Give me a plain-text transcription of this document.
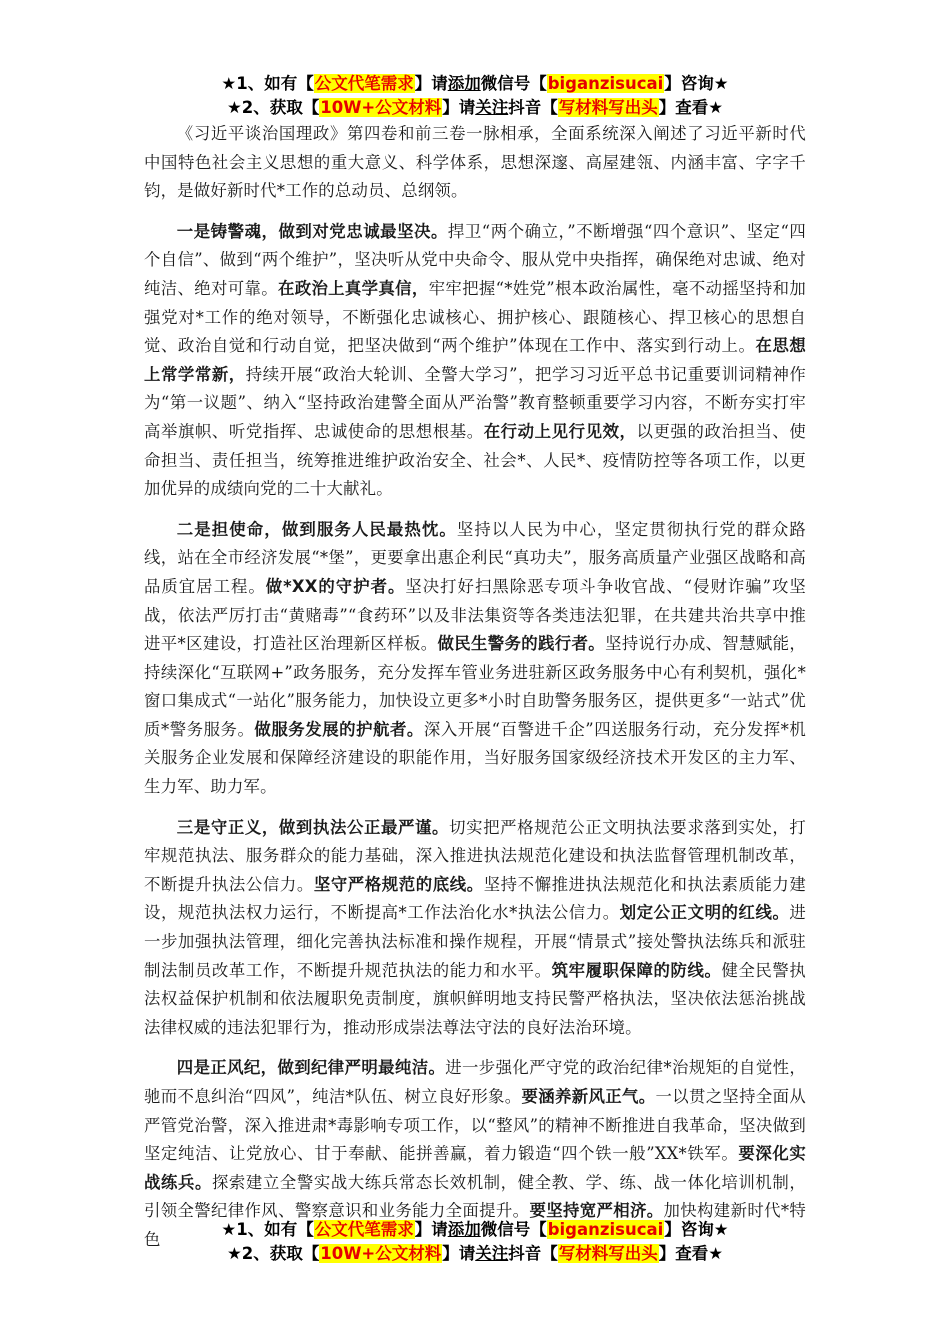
★1、如有【公文代笔需求】请添加微信号【biganzisucai】咨询★
★2、获取【10W+公文材料】请关注抖音【写材料写出头】查看★

《习近平谈治国理政》第四卷和前三卷一脉相承，全面系统深入阐述了习近平新时代中国特色社会主义思想的重大意义、科学体系，思想深邃、高屋建瓴、内涵丰富、字字千钧，是做好新时代*工作的总动员、总纲领。

一是铸警魂，做到对党忠诚最坚决。捍卫“两个确立，”不断增强“四个意识”、坚定“四个自信”、做到“两个维护”，坚决听从党中央命令、服从党中央指挥，确保绝对忠诚、绝对纯洁、绝对可靠。在政治上真学真信，牢牢把握“*姓党”根本政治属性，毫不动摇坚持和加强党对*工作的绝对领导，不断强化忠诚核心、拥护核心、跟随核心、捍卫核心的思想自觉、政治自觉和行动自觉，把坚决做到“两个维护”体现在工作中、落实到行动上。在思想上常学常新，持续开展“政治大轮训、全警大学习”，把学习习近平总书记重要训词精神作为“第一议题”、纳入“坚持政治建警全面从严治警”教育整顿重要学习内容，不断夯实打牢高举旗帜、听党指挥、忠诚使命的思想根基。在行动上见行见效，以更强的政治担当、使命担当、责任担当，统筹推进维护政治安全、社会*、人民*、疫情防控等各项工作，以更加优异的成绩向党的二十大献礼。

二是担使命，做到服务人民最热忱。坚持以人民为中心，坚定贯彻执行党的群众路线，站在全市经济发展“*堡”，更要拿出惠企利民“真功夫”，服务高质量产业强区战略和高品质宜居工程。做*XX的守护者。坚决打好扫黑除恶专项斗争收官战、“侵财诈骗”攻坚战，依法严厉打击“黄赌毒”“食药环”以及非法集资等各类违法犯罪，在共建共治共享中推进平*区建设，打造社区治理新区样板。做民生警务的践行者。坚持说行办成、智慧赋能，持续深化“互联网+”政务服务，充分发挥车管业务进驻新区政务服务中心有利契机，强化*窗口集成式“一站化”服务能力，加快设立更多*小时自助警务服务区，提供更多“一站式”优质*警务服务。做服务发展的护航者。深入开展“百警进千企”四送服务行动，充分发挥*机关服务企业发展和保障经济建设的职能作用，当好服务国家级经济技术开发区的主力军、生力军、助力军。

三是守正义，做到执法公正最严谨。切实把严格规范公正文明执法要求落到实处，打牢规范执法、服务群众的能力基础，深入推进执法规范化建设和执法监督管理机制改革，不断提升执法公信力。坚守严格规范的底线。坚持不懈推进执法规范化和执法素质能力建设，规范执法权力运行，不断提高*工作法治化水*执法公信力。划定公正文明的红线。进一步加强执法管理，细化完善执法标准和操作规程，开展“情景式”接处警执法练兵和派驻制法制员改革工作，不断提升规范执法的能力和水平。筑牢履职保障的防线。健全民警执法权益保护机制和依法履职免责制度，旗帜鲜明地支持民警严格执法，坚决依法惩治挑战法律权威的违法犯罪行为，推动形成崇法尊法守法的良好法治环境。

四是正风纪，做到纪律严明最纯洁。进一步强化严守党的政治纪律*治规矩的自觉性，驰而不息纠治“四风”，纯洁*队伍、树立良好形象。要涵养新风正气。一以贯之坚持全面从严管党治警，深入推进肃*毒影响专项工作，以“整风”的精神不断推进自我革命，坚决做到坚定纯洁、让党放心、甘于奉献、能拼善赢，着力锻造“四个铁一般”XX*铁军。要深化实战练兵。探索建立全警实战大练兵常态长效机制，健全教、学、练、战一体化培训机制，引领全警纪律作风、警察意识和业务能力全面提升。要坚持宽严相济。加快构建新时代*特色

★1、如有【公文代笔需求】请添加微信号【biganzisucai】咨询★
★2、获取【10W+公文材料】请关注抖音【写材料写出头】查看★
